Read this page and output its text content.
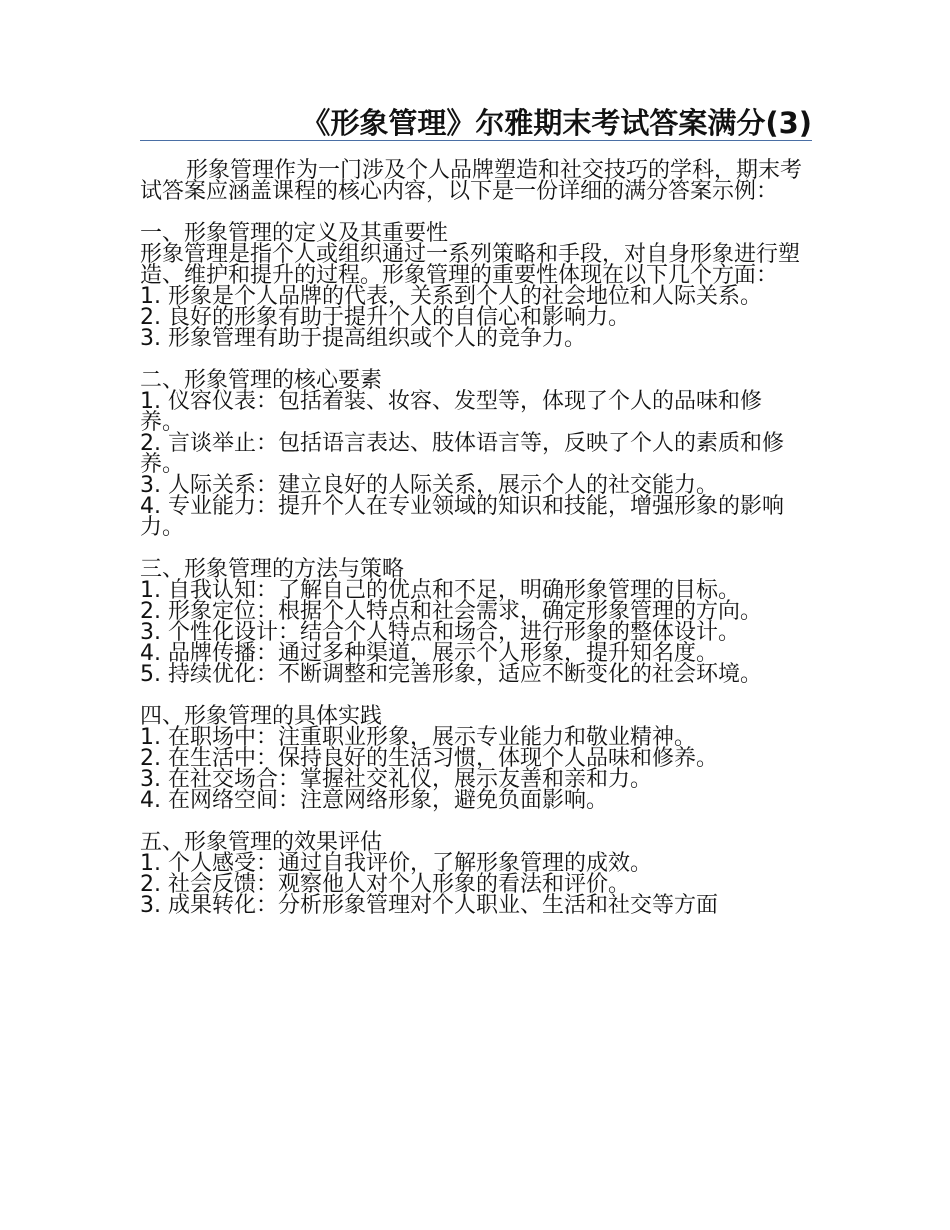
《形象管理》尔雅期末考试答案满分(3)

形象管理作为一门涉及个人品牌塑造和社交技巧的学科，期末考试答案应涵盖课程的核心内容，以下是一份详细的满分答案示例：

一、形象管理的定义及其重要性

形象管理是指个人或组织通过一系列策略和手段，对自身形象进行塑造、维护和提升的过程。形象管理的重要性体现在以下几个方面：

1. 形象是个人品牌的代表，关系到个人的社会地位和人际关系。
2. 良好的形象有助于提升个人的自信心和影响力。
3. 形象管理有助于提高组织或个人的竞争力。
二、形象管理的核心要素
1. 仪容仪表：包括着装、妆容、发型等，体现了个人的品味和修养。
2. 言谈举止：包括语言表达、肢体语言等，反映了个人的素质和修养。
3. 人际关系：建立良好的人际关系，展示个人的社交能力。
4. 专业能力：提升个人在专业领域的知识和技能，增强形象的影响力。
三、形象管理的方法与策略
1. 自我认知：了解自己的优点和不足，明确形象管理的目标。
2. 形象定位：根据个人特点和社会需求，确定形象管理的方向。
3. 个性化设计：结合个人特点和场合，进行形象的整体设计。
4. 品牌传播：通过多种渠道，展示个人形象，提升知名度。
5. 持续优化：不断调整和完善形象，适应不断变化的社会环境。
四、形象管理的具体实践
1. 在职场中：注重职业形象，展示专业能力和敬业精神。
2. 在生活中：保持良好的生活习惯，体现个人品味和修养。
3. 在社交场合：掌握社交礼仪，展示友善和亲和力。
4. 在网络空间：注意网络形象，避免负面影响。
五、形象管理的效果评估
1. 个人感受：通过自我评价，了解形象管理的成效。
2. 社会反馈：观察他人对个人形象的看法和评价。
3. 成果转化：分析形象管理对个人职业、生活和社交等方面
